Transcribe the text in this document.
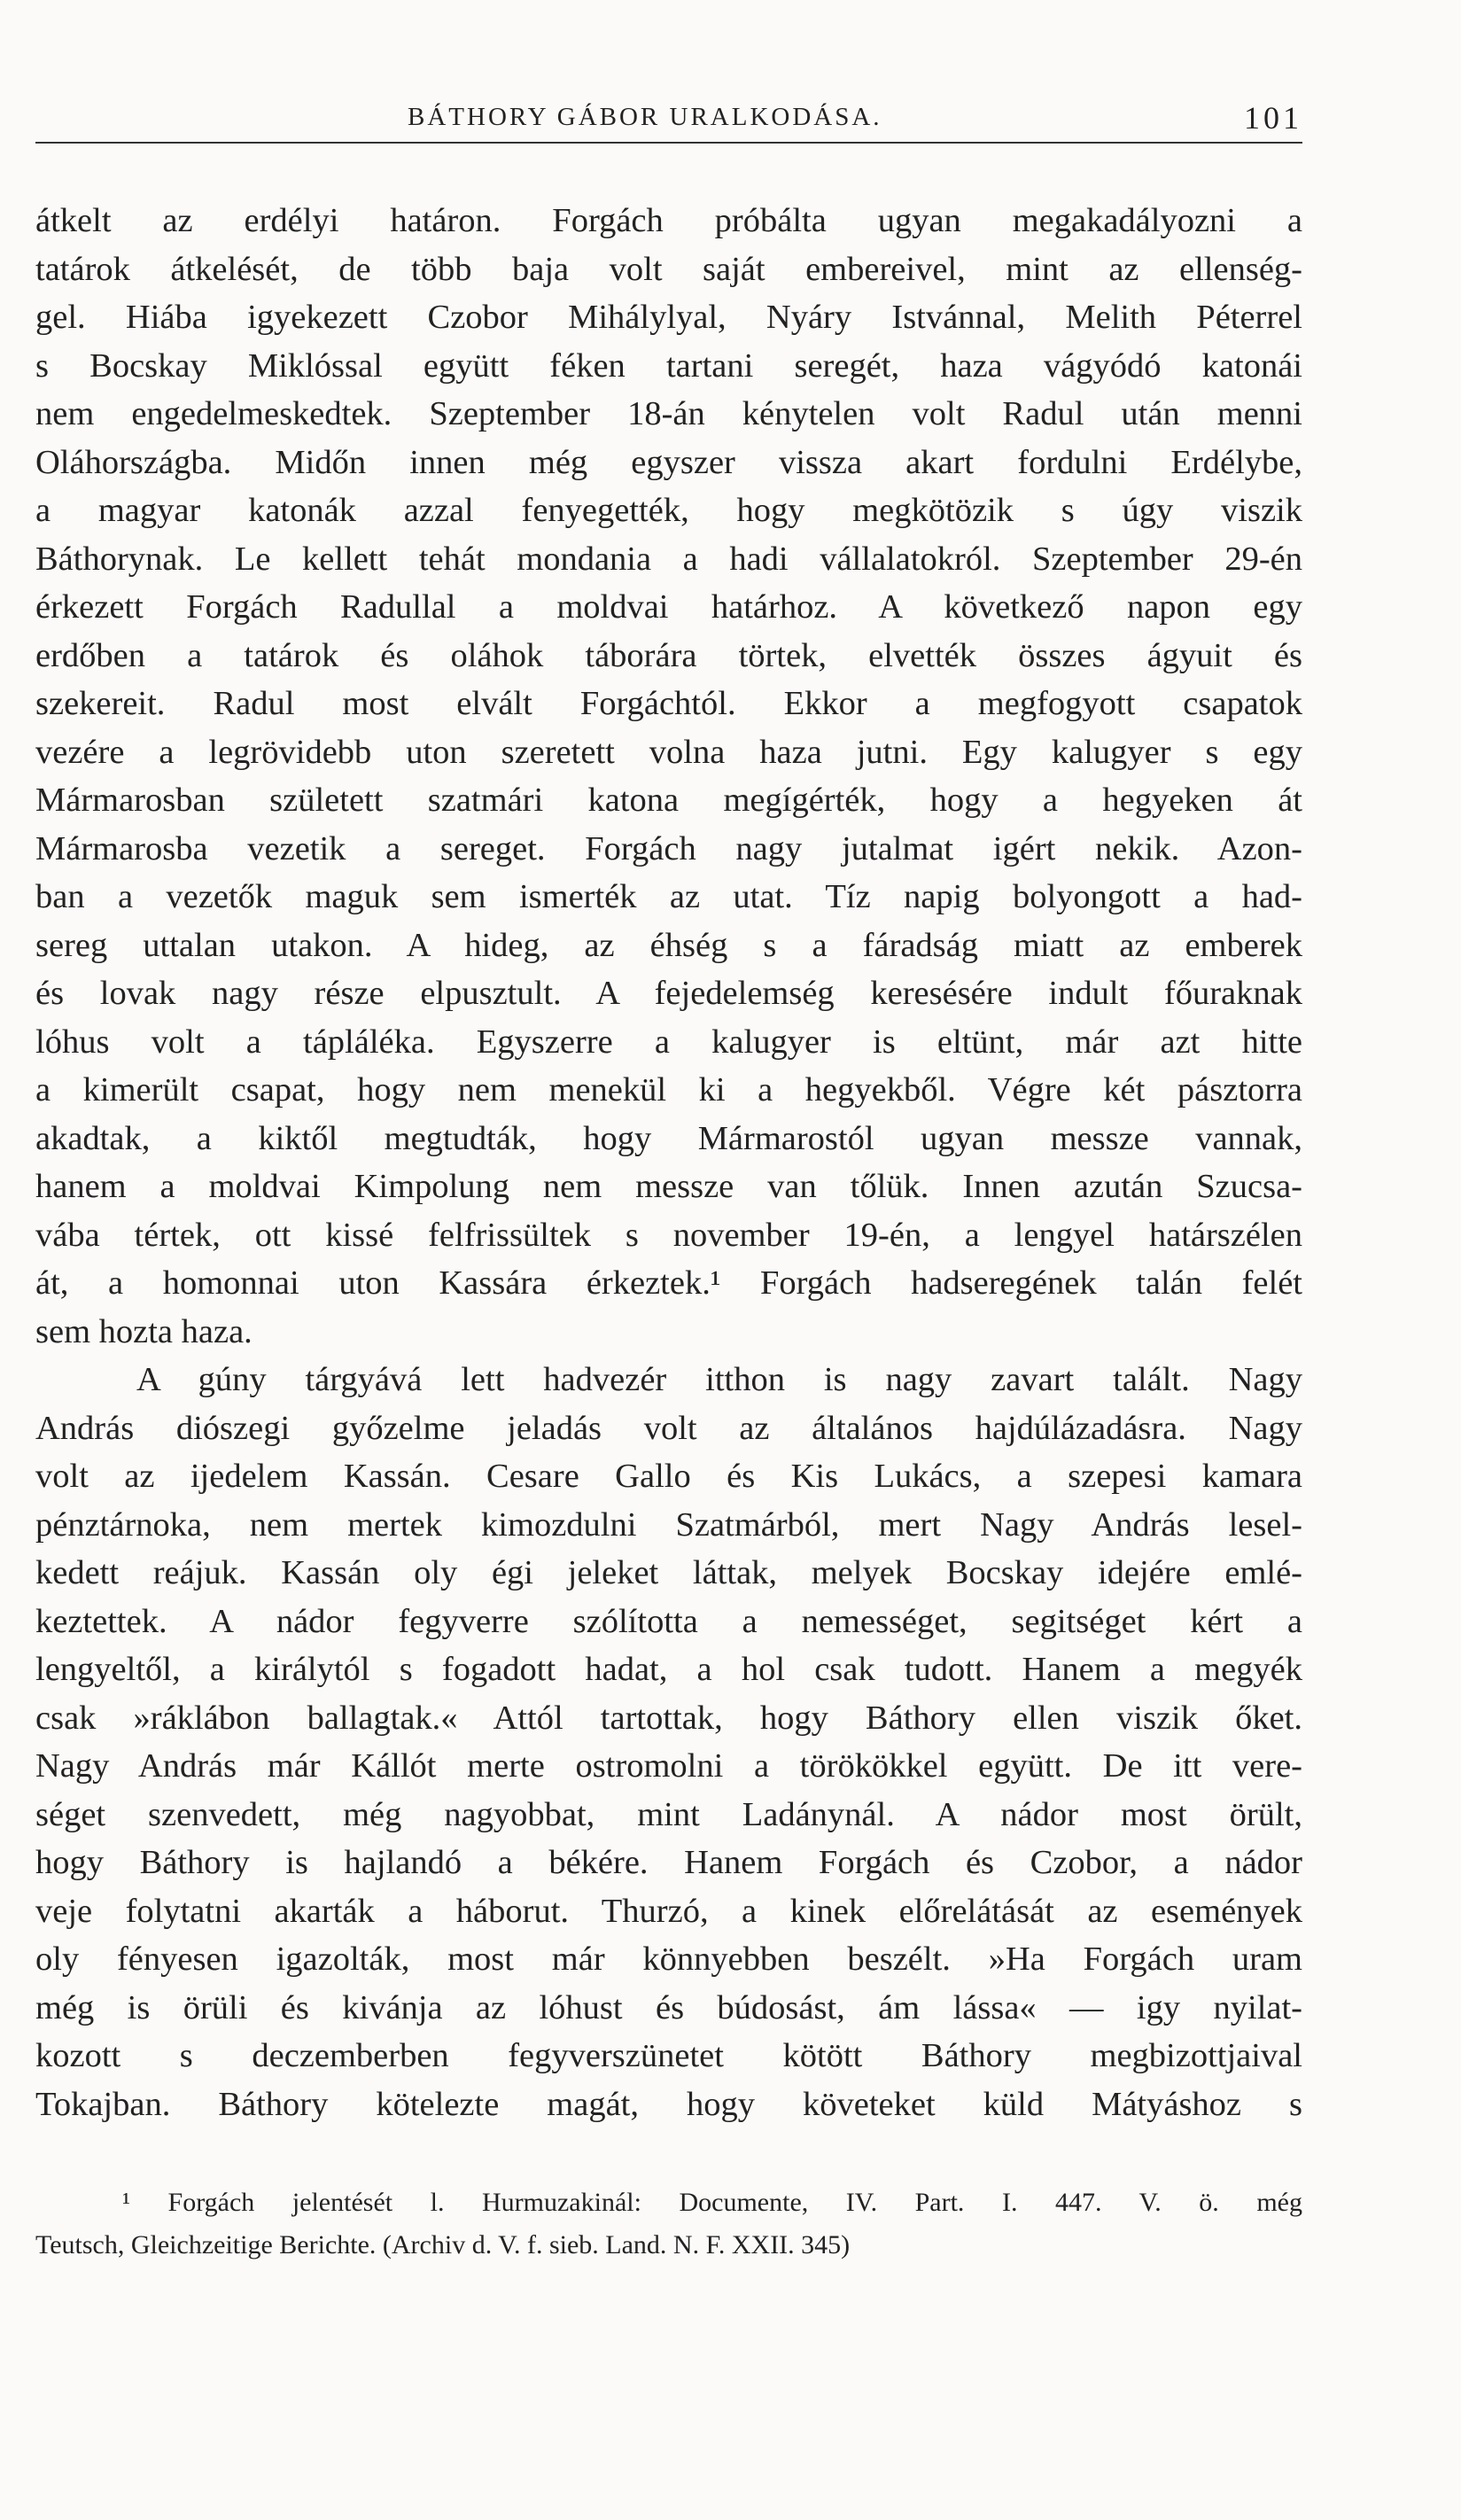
BÁTHORY GÁBOR URALKODÁSA.	101
átkelt az erdélyi határon. Forgách próbálta ugyan megakadályozni a
tatárok átkelését, de több baja volt saját embereivel, mint az ellenség-
gel. Hiába igyekezett Czobor Mihálylyal, Nyáry Istvánnal, Melith Péterrel
s Bocskay Miklóssal együtt féken tartani seregét, haza vágyódó katonái
nem engedelmeskedtek. Szeptember 18-án kénytelen volt Radul után menni
Oláhországba. Midőn innen még egyszer vissza akart fordulni Erdélybe,
a magyar katonák azzal fenyegették, hogy megkötözik s úgy viszik
Báthorynak. Le kellett tehát mondania a hadi vállalatokról. Szeptember 29-én
érkezett Forgách Radullal a moldvai határhoz. A következő napon egy
erdőben a tatárok és oláhok táborára törtek, elvették összes ágyuit és
szekereit. Radul most elvált Forgáchtól. Ekkor a megfogyott csapatok
vezére a legrövidebb uton szeretett volna haza jutni. Egy kalugyer s egy
Mármarosban született szatmári katona megígérték, hogy a hegyeken át
Mármarosba vezetik a sereget. Forgách nagy jutalmat igért nekik. Azon-
ban a vezetők maguk sem ismerték az utat. Tíz napig bolyongott a had-
sereg uttalan utakon. A hideg, az éhség s a fáradság miatt az emberek
és lovak nagy része elpusztult. A fejedelemség keresésére indult főuraknak
lóhus volt a tápláléka. Egyszerre a kalugyer is eltünt, már azt hitte
a kimerült csapat, hogy nem menekül ki a hegyekből. Végre két pásztorra
akadtak, a kiktől megtudták, hogy Mármarostól ugyan messze vannak,
hanem a moldvai Kimpolung nem messze van tőlük. Innen azután Szucsa-
vába tértek, ott kissé felfrissültek s november 19-én, a lengyel határszélen
át, a homonnai uton Kassára érkeztek.¹ Forgách hadseregének talán felét
sem hozta haza.
A gúny tárgyává lett hadvezér itthon is nagy zavart talált. Nagy
András diószegi győzelme jeladás volt az általános hajdúlázadásra. Nagy
volt az ijedelem Kassán. Cesare Gallo és Kis Lukács, a szepesi kamara
pénztárnoka, nem mertek kimozdulni Szatmárból, mert Nagy András lesel-
kedett reájuk. Kassán oly égi jeleket láttak, melyek Bocskay idejére emlé-
keztettek. A nádor fegyverre szólította a nemességet, segitséget kért a
lengyeltől, a királytól s fogadott hadat, a hol csak tudott. Hanem a megyék
csak »ráklábon ballagtak.« Attól tartottak, hogy Báthory ellen viszik őket.
Nagy András már Kállót merte ostromolni a törökökkel együtt. De itt vere-
séget szenvedett, még nagyobbat, mint Ladánynál. A nádor most örült,
hogy Báthory is hajlandó a békére. Hanem Forgách és Czobor, a nádor
veje folytatni akarták a háborut. Thurzó, a kinek előrelátását az események
oly fényesen igazolták, most már könnyebben beszélt. »Ha Forgách uram
még is örüli és kivánja az lóhust és búdosást, ám lássa« — igy nyilat-
kozott s deczemberben fegyverszünetet kötött Báthory megbizottjaival
Tokajban. Báthory kötelezte magát, hogy követeket küld Mátyáshoz s
¹ Forgách jelentését l. Hurmuzakinál: Documente, IV. Part. I. 447. V. ö. még
Teutsch, Gleichzeitige Berichte. (Archiv d. V. f. sieb. Land. N. F. XXII. 345)
